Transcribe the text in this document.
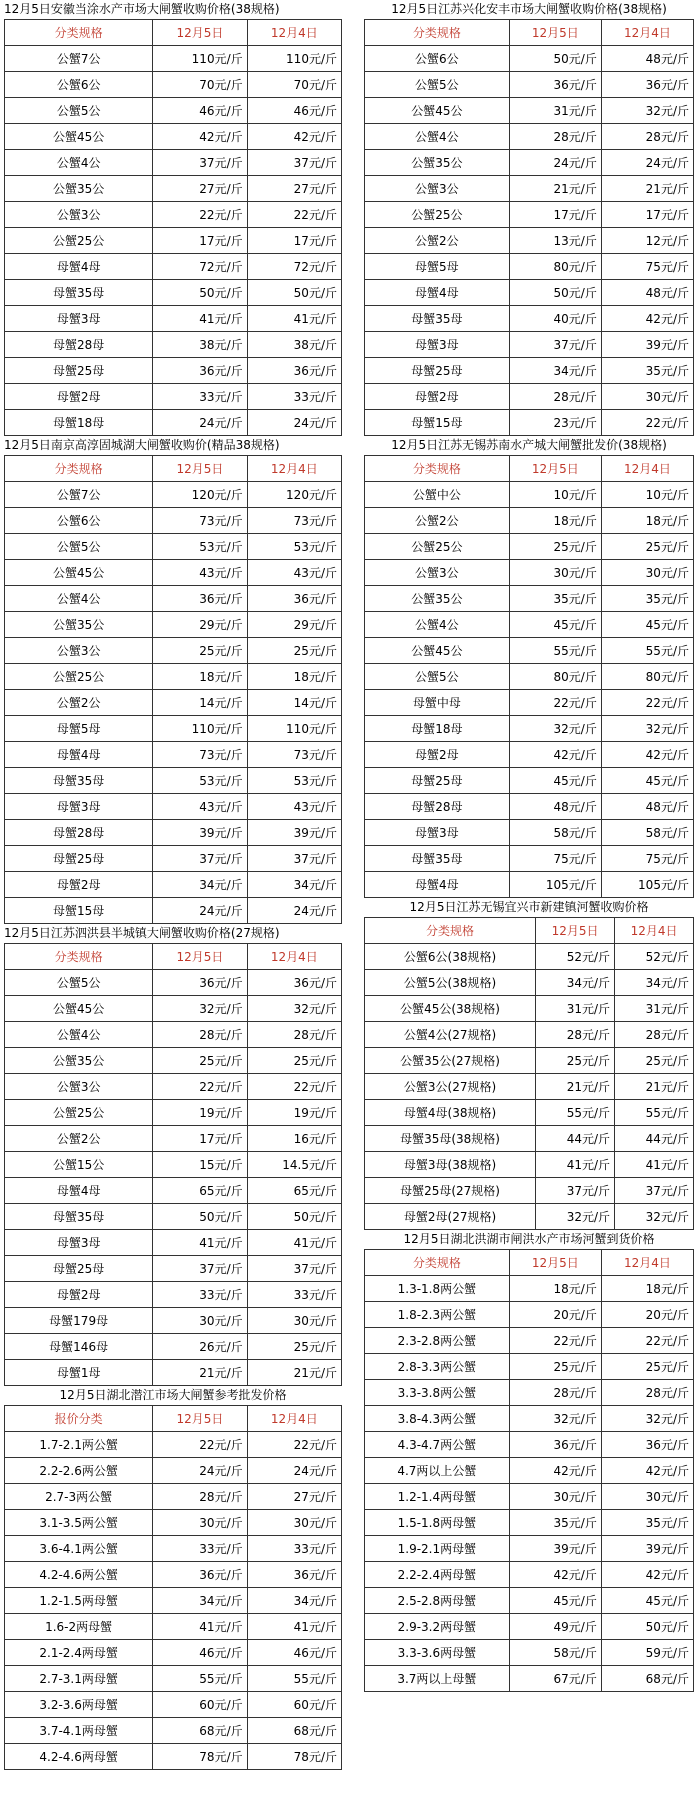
12月5日安徽当涂水产市场大闸蟹收购价格(38规格)
分类规格	12月5日	12月4日
公蟹7公	110元/斤	110元/斤
公蟹6公	70元/斤	70元/斤
公蟹5公	46元/斤	46元/斤
公蟹45公	42元/斤	42元/斤
公蟹4公	37元/斤	37元/斤
公蟹35公	27元/斤	27元/斤
公蟹3公	22元/斤	22元/斤
公蟹25公	17元/斤	17元/斤
母蟹4母	72元/斤	72元/斤
母蟹35母	50元/斤	50元/斤
母蟹3母	41元/斤	41元/斤
母蟹28母	38元/斤	38元/斤
母蟹25母	36元/斤	36元/斤
母蟹2母	33元/斤	33元/斤
母蟹18母	24元/斤	24元/斤
12月5日南京高淳固城湖大闸蟹收购价(精品38规格)
分类规格	12月5日	12月4日
公蟹7公	120元/斤	120元/斤
公蟹6公	73元/斤	73元/斤
公蟹5公	53元/斤	53元/斤
公蟹45公	43元/斤	43元/斤
公蟹4公	36元/斤	36元/斤
公蟹35公	29元/斤	29元/斤
公蟹3公	25元/斤	25元/斤
公蟹25公	18元/斤	18元/斤
公蟹2公	14元/斤	14元/斤
母蟹5母	110元/斤	110元/斤
母蟹4母	73元/斤	73元/斤
母蟹35母	53元/斤	53元/斤
母蟹3母	43元/斤	43元/斤
母蟹28母	39元/斤	39元/斤
母蟹25母	37元/斤	37元/斤
母蟹2母	34元/斤	34元/斤
母蟹15母	24元/斤	24元/斤
12月5日江苏泗洪县半城镇大闸蟹收购价格(27规格)
分类规格	12月5日	12月4日
公蟹5公	36元/斤	36元/斤
公蟹45公	32元/斤	32元/斤
公蟹4公	28元/斤	28元/斤
公蟹35公	25元/斤	25元/斤
公蟹3公	22元/斤	22元/斤
公蟹25公	19元/斤	19元/斤
公蟹2公	17元/斤	16元/斤
公蟹15公	15元/斤	14.5元/斤
母蟹4母	65元/斤	65元/斤
母蟹35母	50元/斤	50元/斤
母蟹3母	41元/斤	41元/斤
母蟹25母	37元/斤	37元/斤
母蟹2母	33元/斤	33元/斤
母蟹179母	30元/斤	30元/斤
母蟹146母	26元/斤	25元/斤
母蟹1母	21元/斤	21元/斤
12月5日湖北潜江市场大闸蟹参考批发价格
报价分类	12月5日	12月4日
1.7-2.1两公蟹	22元/斤	22元/斤
2.2-2.6两公蟹	24元/斤	24元/斤
2.7-3两公蟹	28元/斤	27元/斤
3.1-3.5两公蟹	30元/斤	30元/斤
3.6-4.1两公蟹	33元/斤	33元/斤
4.2-4.6两公蟹	36元/斤	36元/斤
1.2-1.5两母蟹	34元/斤	34元/斤
1.6-2两母蟹	41元/斤	41元/斤
2.1-2.4两母蟹	46元/斤	46元/斤
2.7-3.1两母蟹	55元/斤	55元/斤
3.2-3.6两母蟹	60元/斤	60元/斤
3.7-4.1两母蟹	68元/斤	68元/斤
4.2-4.6两母蟹	78元/斤	78元/斤
12月5日江苏兴化安丰市场大闸蟹收购价格(38规格)
分类规格	12月5日	12月4日
公蟹6公	50元/斤	48元/斤
公蟹5公	36元/斤	36元/斤
公蟹45公	31元/斤	32元/斤
公蟹4公	28元/斤	28元/斤
公蟹35公	24元/斤	24元/斤
公蟹3公	21元/斤	21元/斤
公蟹25公	17元/斤	17元/斤
公蟹2公	13元/斤	12元/斤
母蟹5母	80元/斤	75元/斤
母蟹4母	50元/斤	48元/斤
母蟹35母	40元/斤	42元/斤
母蟹3母	37元/斤	39元/斤
母蟹25母	34元/斤	35元/斤
母蟹2母	28元/斤	30元/斤
母蟹15母	23元/斤	22元/斤
12月5日江苏无锡苏南水产城大闸蟹批发价(38规格)
分类规格	12月5日	12月4日
公蟹中公	10元/斤	10元/斤
公蟹2公	18元/斤	18元/斤
公蟹25公	25元/斤	25元/斤
公蟹3公	30元/斤	30元/斤
公蟹35公	35元/斤	35元/斤
公蟹4公	45元/斤	45元/斤
公蟹45公	55元/斤	55元/斤
公蟹5公	80元/斤	80元/斤
母蟹中母	22元/斤	22元/斤
母蟹18母	32元/斤	32元/斤
母蟹2母	42元/斤	42元/斤
母蟹25母	45元/斤	45元/斤
母蟹28母	48元/斤	48元/斤
母蟹3母	58元/斤	58元/斤
母蟹35母	75元/斤	75元/斤
母蟹4母	105元/斤	105元/斤
12月5日江苏无锡宜兴市新建镇河蟹收购价格
分类规格	12月5日	12月4日
公蟹6公(38规格)	52元/斤	52元/斤
公蟹5公(38规格)	34元/斤	34元/斤
公蟹45公(38规格)	31元/斤	31元/斤
公蟹4公(27规格)	28元/斤	28元/斤
公蟹35公(27规格)	25元/斤	25元/斤
公蟹3公(27规格)	21元/斤	21元/斤
母蟹4母(38规格)	55元/斤	55元/斤
母蟹35母(38规格)	44元/斤	44元/斤
母蟹3母(38规格)	41元/斤	41元/斤
母蟹25母(27规格)	37元/斤	37元/斤
母蟹2母(27规格)	32元/斤	32元/斤
12月5日湖北洪湖市闸洪水产市场河蟹到货价格
分类规格	12月5日	12月4日
1.3-1.8两公蟹	18元/斤	18元/斤
1.8-2.3两公蟹	20元/斤	20元/斤
2.3-2.8两公蟹	22元/斤	22元/斤
2.8-3.3两公蟹	25元/斤	25元/斤
3.3-3.8两公蟹	28元/斤	28元/斤
3.8-4.3两公蟹	32元/斤	32元/斤
4.3-4.7两公蟹	36元/斤	36元/斤
4.7两以上公蟹	42元/斤	42元/斤
1.2-1.4两母蟹	30元/斤	30元/斤
1.5-1.8两母蟹	35元/斤	35元/斤
1.9-2.1两母蟹	39元/斤	39元/斤
2.2-2.4两母蟹	42元/斤	42元/斤
2.5-2.8两母蟹	45元/斤	45元/斤
2.9-3.2两母蟹	49元/斤	50元/斤
3.3-3.6两母蟹	58元/斤	59元/斤
3.7两以上母蟹	67元/斤	68元/斤
